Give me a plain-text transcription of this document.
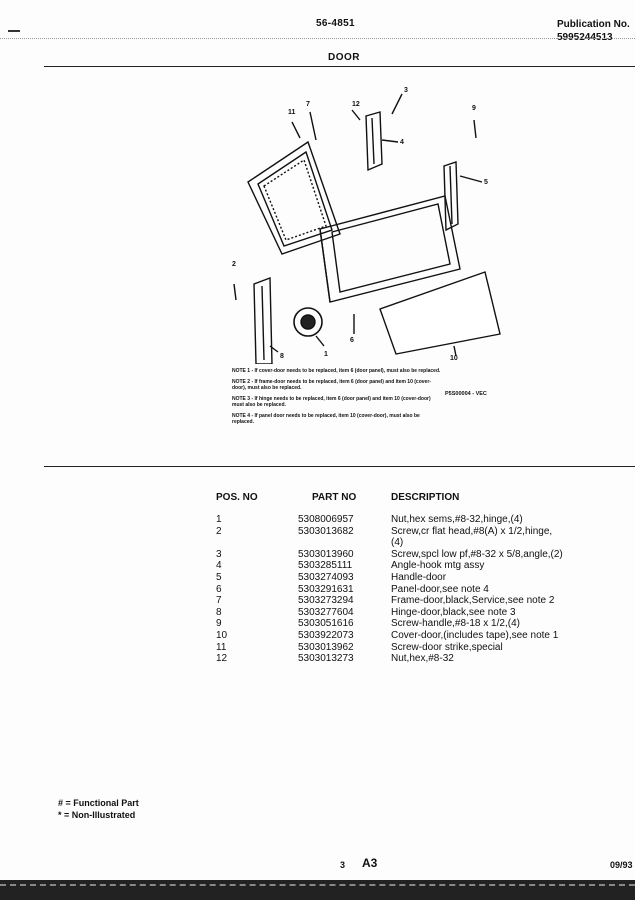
56-4851	Publication No.
5995244513
DOOR
11
7	12
3
4
9
5
2
6
1
8	10

NOTE 1 - If cover-door needs to be replaced, item 6 (door panel), must also be replaced.

NOTE 2 - If frame-door needs to be replaced, item 6 (door panel) and item 10 (cover-door), must also be replaced.

NOTE 3 - If hinge needs to be replaced, item 6 (door panel) and item 10 (cover-door) must also be replaced.

NOTE 4 - If panel door needs to be replaced, item 10 (cover-door), must also be replaced.

P5S00004 - VEC
POS. NO	PART NO	DESCRIPTION
1	5308006957	Nut,hex sems,#8-32,hinge,(4)
2	5303013682	Screw,cr flat head,#8(A) x 1/2,hinge,
(4)
3	5303013960	Screw,spcl low pf,#8-32 x 5/8,angle,(2)
4	5303285111	Angle-hook mtg assy
5	5303274093	Handle-door
6	5303291631	Panel-door,see note 4
7	5303273294	Frame-door,black,Service,see note 2
8	5303277604	Hinge-door,black,see note 3
9	5303051616	Screw-handle,#8-18 x 1/2,(4)
10	5303922073	Cover-door,(includes tape),see note 1
11	5303013962	Screw-door strike,special
12	5303013273	Nut,hex,#8-32
# = Functional Part
* = Non-Illustrated
3 A3	09/93
